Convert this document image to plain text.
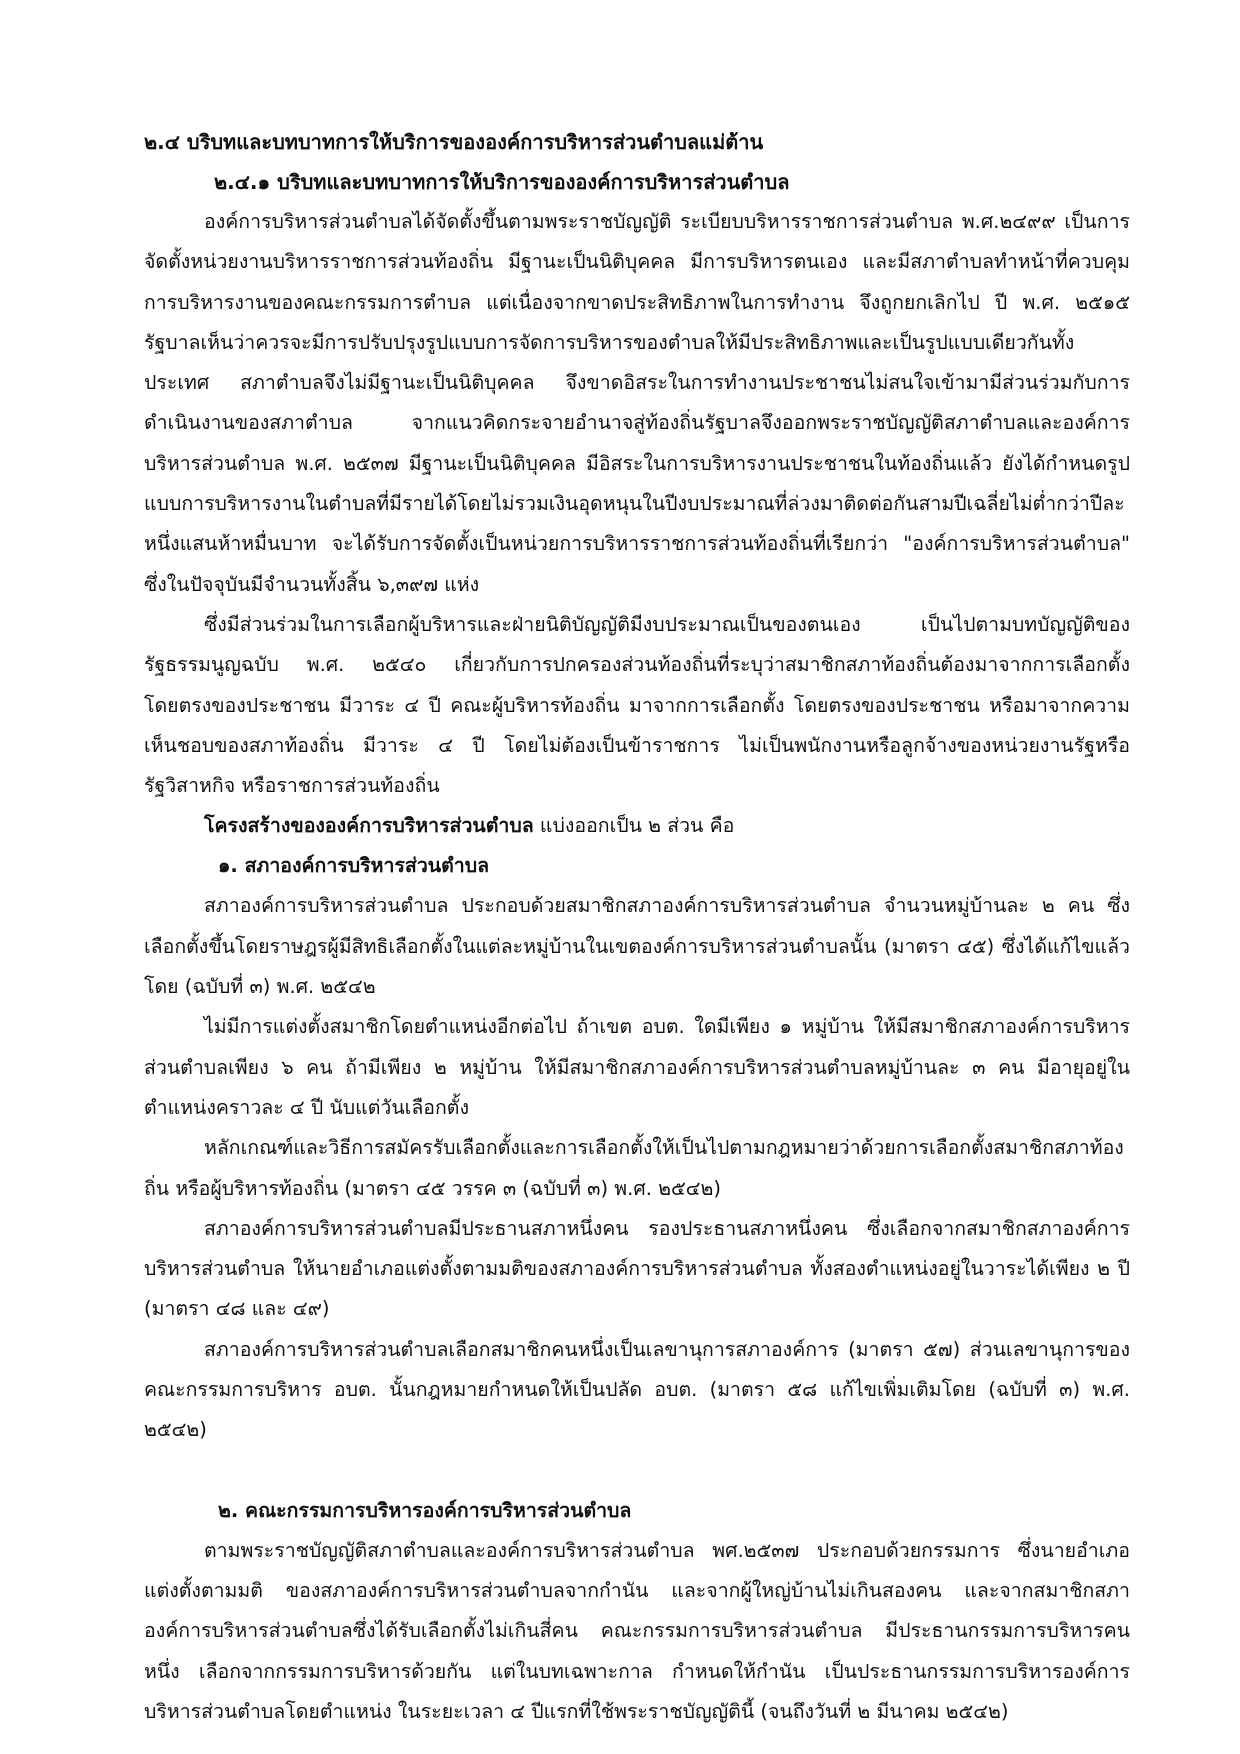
๒.๔ บริบทและบทบาทการให้บริการขององค์การบริหารส่วนตำบลแม่ต้าน

๒.๔.๑ บริบทและบทบาทการให้บริการขององค์การบริหารส่วนตำบล

องค์การบริหารส่วนตำบลได้จัดตั้งขึ้นตามพระราชบัญญัติ ระเบียบบริหารราชการส่วนตำบล พ.ศ.๒๔๙๙ เป็นการจัดตั้งหน่วยงานบริหารราชการส่วนท้องถิ่น มีฐานะเป็นนิติบุคคล มีการบริหารตนเอง และมีสภาตำบลทำหน้าที่ควบคุมการบริหารงานของคณะกรรมการตำบล แต่เนื่องจากขาดประสิทธิภาพในการทำงาน จึงถูกยกเลิกไป ปี พ.ศ. ๒๕๑๕ รัฐบาลเห็นว่าควรจะมีการปรับปรุงรูปแบบการจัดการบริหารของตำบลให้มีประสิทธิภาพและเป็นรูปแบบเดียวกันทั้งประเทศ สภาตำบลจึงไม่มีฐานะเป็นนิติบุคคล จึงขาดอิสระในการทำงานประชาชนไม่สนใจเข้ามามีส่วนร่วมกับการดำเนินงานของสภาตำบล จากแนวคิดกระจายอำนาจสู่ท้องถิ่นรัฐบาลจึงออกพระราชบัญญัติสภาตำบลและองค์การบริหารส่วนตำบล พ.ศ. ๒๕๓๗ มีฐานะเป็นนิติบุคคล มีอิสระในการบริหารงานประชาชนในท้องถิ่นแล้ว ยังได้กำหนดรูปแบบการบริหารงานในตำบลที่มีรายได้โดยไม่รวมเงินอุดหนุนในปีงบประมาณที่ล่วงมาติดต่อกันสามปีเฉลี่ยไม่ต่ำกว่าปีละหนึ่งแสนห้าหมื่นบาท จะได้รับการจัดตั้งเป็นหน่วยการบริหารราชการส่วนท้องถิ่นที่เรียกว่า "องค์การบริหารส่วนตำบล" ซึ่งในปัจจุบันมีจำนวนทั้งสิ้น ๖,๓๙๗ แห่ง

ซึ่งมีส่วนร่วมในการเลือกผู้บริหารและฝ่ายนิติบัญญัติมีงบประมาณเป็นของตนเอง เป็นไปตามบทบัญญัติของรัฐธรรมนูญฉบับ พ.ศ. ๒๕๔๐ เกี่ยวกับการปกครองส่วนท้องถิ่นที่ระบุว่าสมาชิกสภาท้องถิ่นต้องมาจากการเลือกตั้งโดยตรงของประชาชน มีวาระ ๔ ปี คณะผู้บริหารท้องถิ่น มาจากการเลือกตั้ง โดยตรงของประชาชน หรือมาจากความเห็นชอบของสภาท้องถิ่น มีวาระ ๔ ปี โดยไม่ต้องเป็นข้าราชการ ไม่เป็นพนักงานหรือลูกจ้างของหน่วยงานรัฐหรือรัฐวิสาหกิจ หรือราชการส่วนท้องถิ่น

โครงสร้างขององค์การบริหารส่วนตำบล แบ่งออกเป็น ๒ ส่วน คือ

๑. สภาองค์การบริหารส่วนตำบล

สภาองค์การบริหารส่วนตำบล ประกอบด้วยสมาชิกสภาองค์การบริหารส่วนตำบล จำนวนหมู่บ้านละ ๒ คน ซึ่งเลือกตั้งขึ้นโดยราษฎรผู้มีสิทธิเลือกตั้งในแต่ละหมู่บ้านในเขตองค์การบริหารส่วนตำบลนั้น (มาตรา ๔๕) ซึ่งได้แก้ไขแล้วโดย (ฉบับที่ ๓) พ.ศ. ๒๕๔๒

ไม่มีการแต่งตั้งสมาชิกโดยตำแหน่งอีกต่อไป ถ้าเขต อบต. ใดมีเพียง ๑ หมู่บ้าน ให้มีสมาชิกสภาองค์การบริหารส่วนตำบลเพียง ๖ คน ถ้ามีเพียง ๒ หมู่บ้าน ให้มีสมาชิกสภาองค์การบริหารส่วนตำบลหมู่บ้านละ ๓ คน มีอายุอยู่ในตำแหน่งคราวละ ๔ ปี นับแต่วันเลือกตั้ง

หลักเกณฑ์และวิธีการสมัครรับเลือกตั้งและการเลือกตั้งให้เป็นไปตามกฎหมายว่าด้วยการเลือกตั้งสมาชิกสภาท้องถิ่น หรือผู้บริหารท้องถิ่น (มาตรา ๔๕ วรรค ๓ (ฉบับที่ ๓) พ.ศ. ๒๕๔๒)

สภาองค์การบริหารส่วนตำบลมีประธานสภาหนึ่งคน รองประธานสภาหนึ่งคน ซึ่งเลือกจากสมาชิกสภาองค์การบริหารส่วนตำบล ให้นายอำเภอแต่งตั้งตามมติของสภาองค์การบริหารส่วนตำบล ทั้งสองตำแหน่งอยู่ในวาระได้เพียง ๒ ปี (มาตรา ๔๘ และ ๔๙)

สภาองค์การบริหารส่วนตำบลเลือกสมาชิกคนหนึ่งเป็นเลขานุการสภาองค์การ (มาตรา ๕๗) ส่วนเลขานุการของคณะกรรมการบริหาร อบต. นั้นกฎหมายกำหนดให้เป็นปลัด อบต. (มาตรา ๕๘ แก้ไขเพิ่มเติมโดย (ฉบับที่ ๓) พ.ศ. ๒๕๔๒)

๒. คณะกรรมการบริหารองค์การบริหารส่วนตำบล

ตามพระราชบัญญัติสภาตำบลและองค์การบริหารส่วนตำบล พศ.๒๕๓๗ ประกอบด้วยกรรมการ ซึ่งนายอำเภอแต่งตั้งตามมติ ของสภาองค์การบริหารส่วนตำบลจากกำนัน และจากผู้ใหญ่บ้านไม่เกินสองคน และจากสมาชิกสภาองค์การบริหารส่วนตำบลซึ่งได้รับเลือกตั้งไม่เกินสี่คน คณะกรรมการบริหารส่วนตำบล มีประธานกรรมการบริหารคนหนึ่ง เลือกจากกรรมการบริหารด้วยกัน แต่ในบทเฉพาะกาล กำหนดให้กำนัน เป็นประธานกรรมการบริหารองค์การบริหารส่วนตำบลโดยตำแหน่ง ในระยะเวลา ๔ ปีแรกที่ใช้พระราชบัญญัตินี้ (จนถึงวันที่ ๒ มีนาคม ๒๕๔๒)
